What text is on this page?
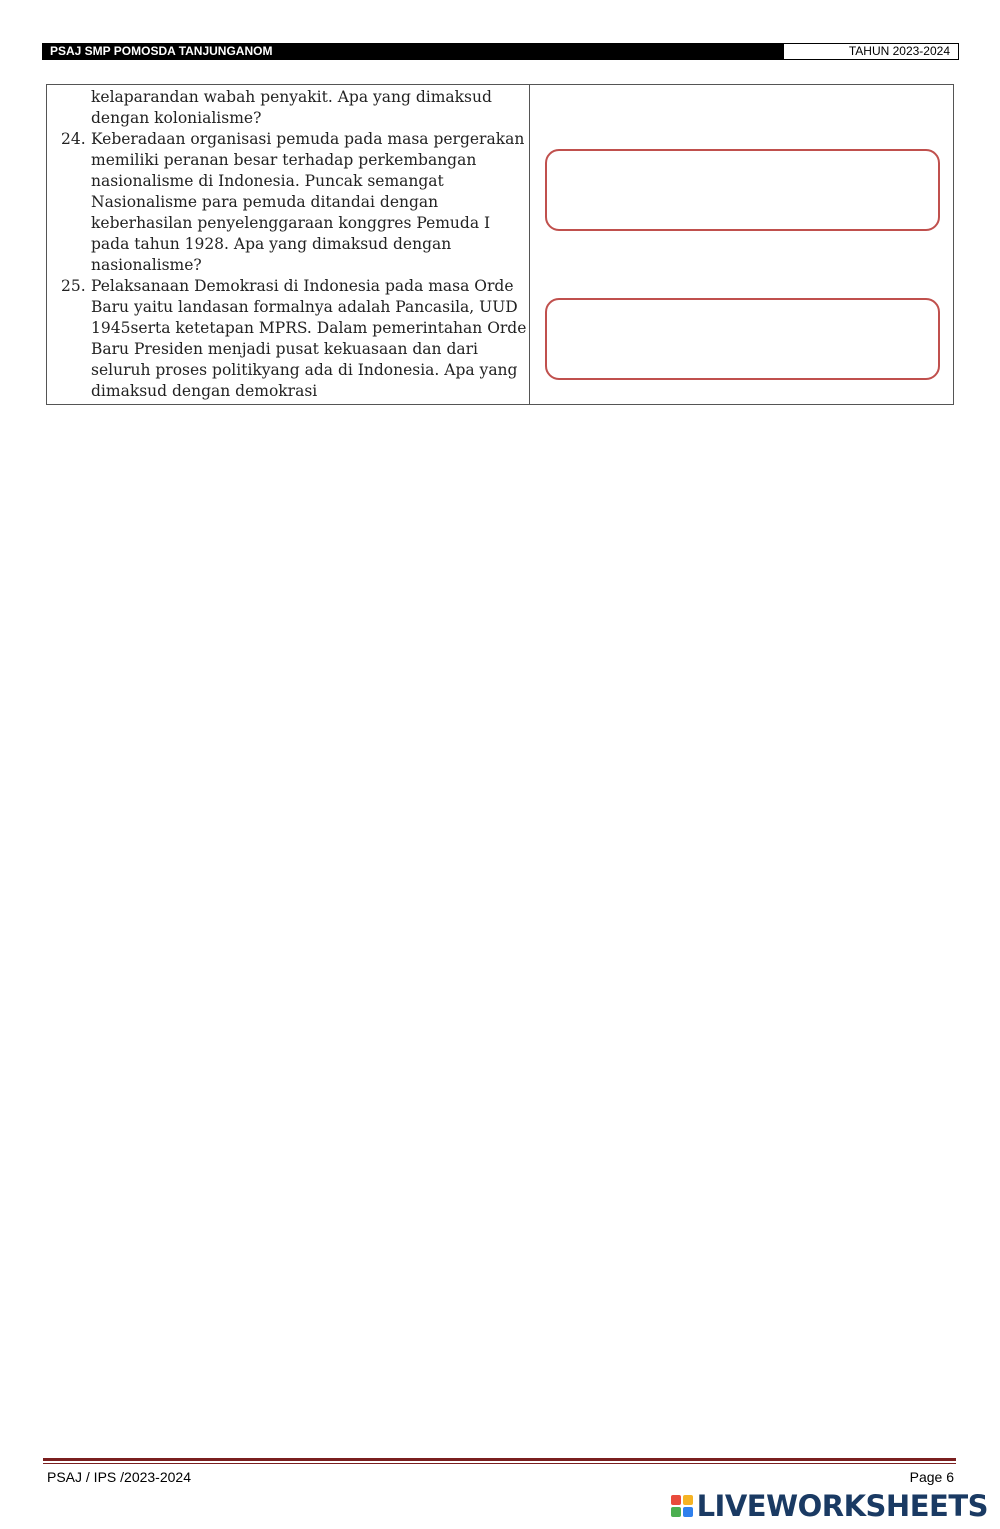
PSAJ SMP POMOSDA TANJUNGANOM	TAHUN 2023-2024
kelaparandan wabah penyakit. Apa yang dimaksud
dengan kolonialisme?
24. Keberadaan organisasi pemuda pada masa pergerakan
memiliki peranan besar terhadap perkembangan
nasionalisme di Indonesia. Puncak semangat
Nasionalisme para pemuda ditandai dengan
keberhasilan penyelenggaraan konggres Pemuda I
pada tahun 1928. Apa yang dimaksud dengan
nasionalisme?
25. Pelaksanaan Demokrasi di Indonesia pada masa Orde
Baru yaitu landasan formalnya adalah Pancasila, UUD
1945serta ketetapan MPRS. Dalam pemerintahan Orde
Baru Presiden menjadi pusat kekuasaan dan dari
seluruh proses politikyang ada di Indonesia. Apa yang
dimaksud dengan demokrasi
PSAJ / IPS /2023-2024	Page 6
LIVEWORKSHEETS
